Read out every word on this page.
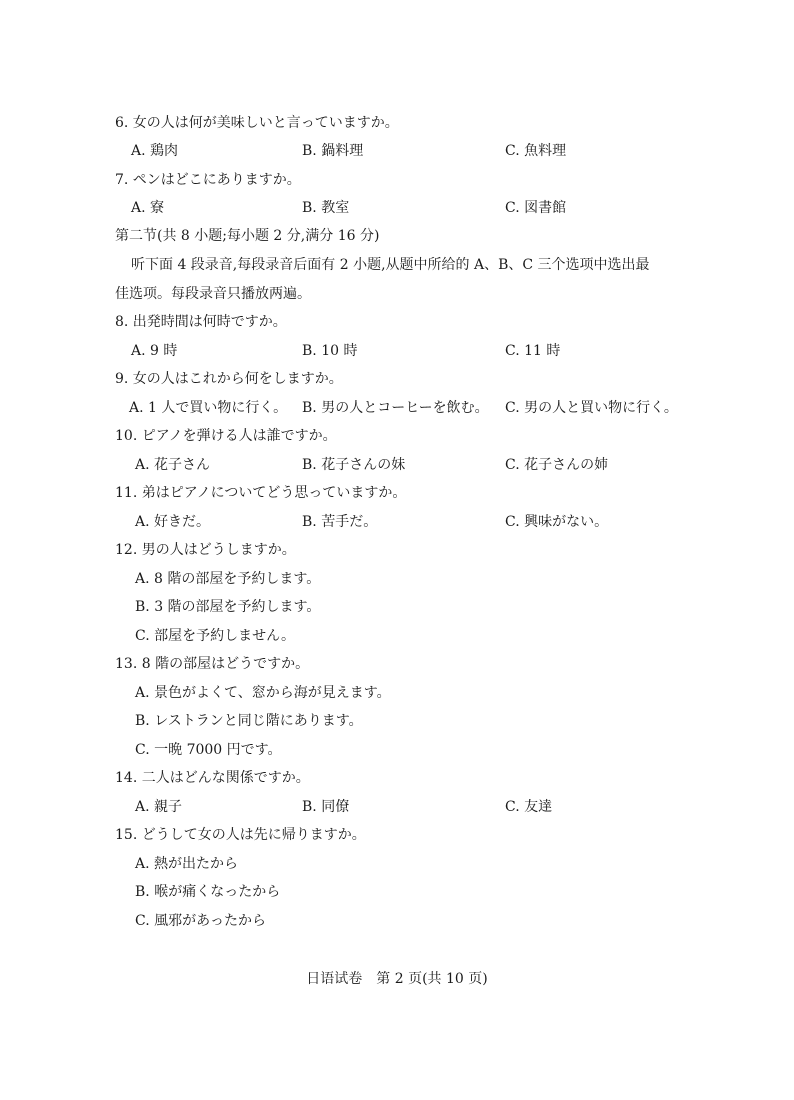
6. 女の人は何が美味しいと言っていますか。
A. 鶏肉	B. 鍋料理	C. 魚料理
7. ペンはどこにありますか。
A. 寮	B. 教室	C. 図書館
第二节(共 8 小题;每小题 2 分,满分 16 分)
听下面 4 段录音,每段录音后面有 2 小题,从题中所给的 A、B、C 三个选项中选出最
佳选项。每段录音只播放两遍。
8. 出発時間は何時ですか。
A. 9 時	B. 10 時	C. 11 時
9. 女の人はこれから何をしますか。
A. 1 人で買い物に行く。 B. 男の人とコーヒーを飲む。 C. 男の人と買い物に行く。
10. ピアノを弾ける人は誰ですか。
A. 花子さん	B. 花子さんの妹	C. 花子さんの姉
11. 弟はピアノについてどう思っていますか。
A. 好きだ。	B. 苦手だ。	C. 興味がない。
12. 男の人はどうしますか。
A. 8 階の部屋を予約します。
B. 3 階の部屋を予約します。
C. 部屋を予約しません。
13. 8 階の部屋はどうですか。
A. 景色がよくて、窓から海が見えます。
B. レストランと同じ階にあります。
C. 一晩 7000 円です。
14. 二人はどんな関係ですか。
A. 親子	B. 同僚	C. 友達
15. どうして女の人は先に帰りますか。
A. 熱が出たから
B. 喉が痛くなったから
C. 風邪があったから
日语试卷　第 2 页(共 10 页)
